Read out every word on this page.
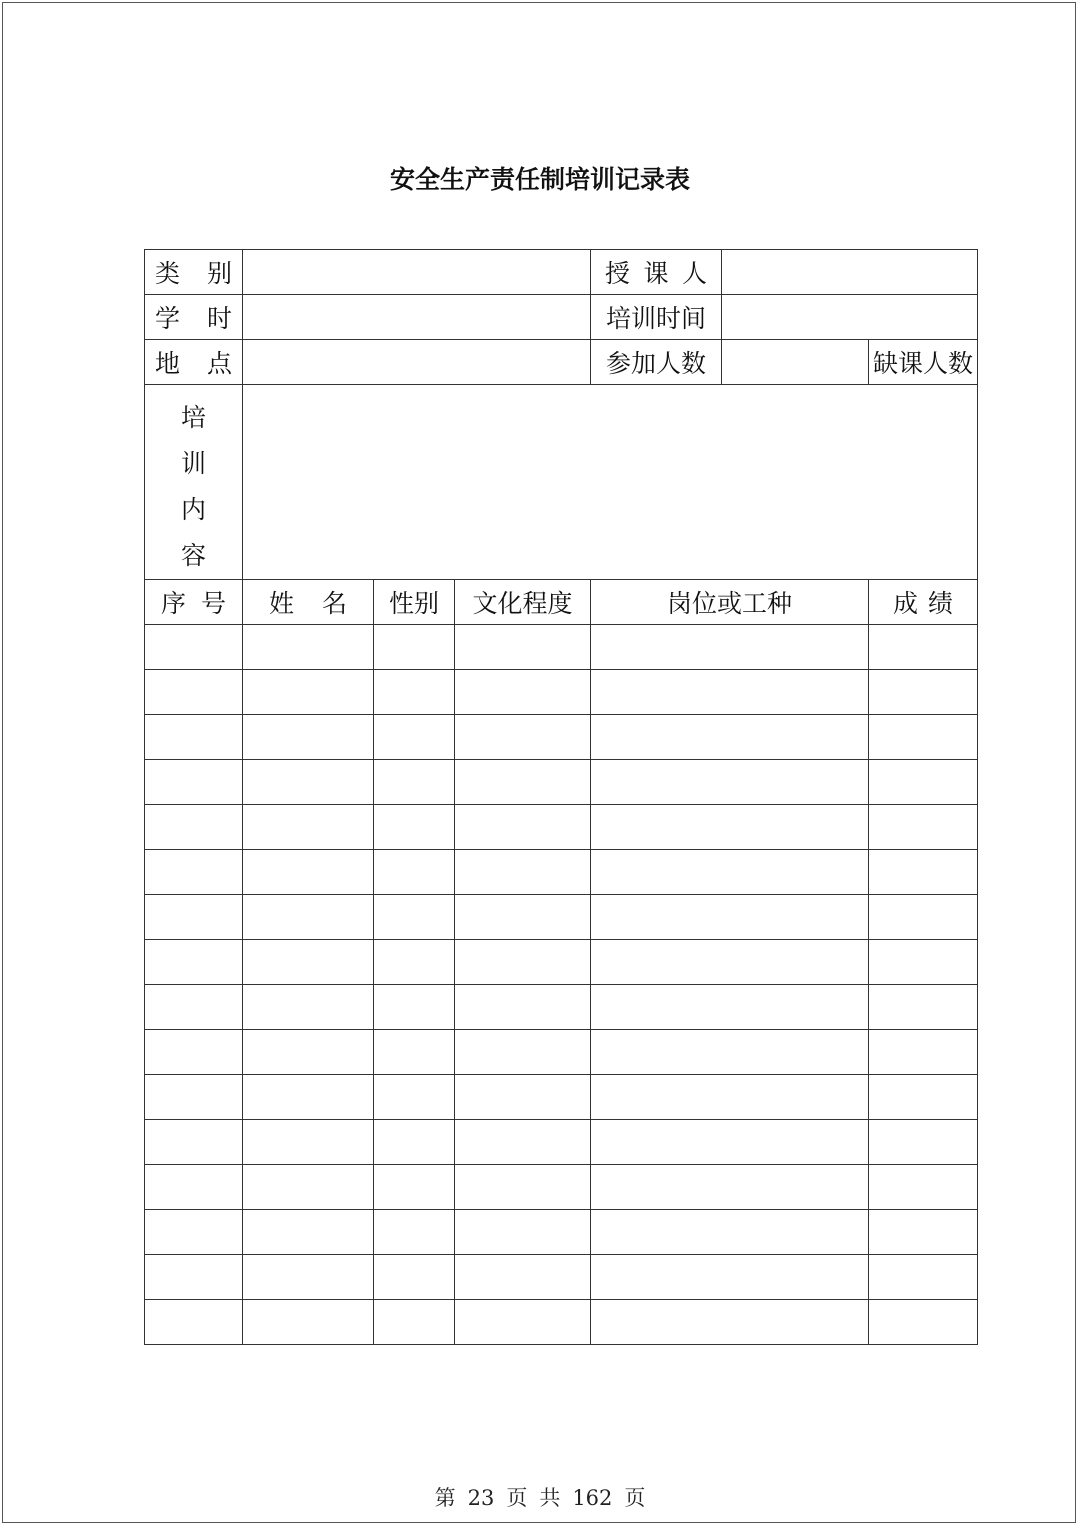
安全生产责任制培训记录表
类 别				授 课 人		

学 时				培训时间		

地 点				参加人数		缺课人数

培
训
内
容						

序 号	姓 名	性别	文化程度	岗位或工种		成 绩

第 23 页 共 162 页
